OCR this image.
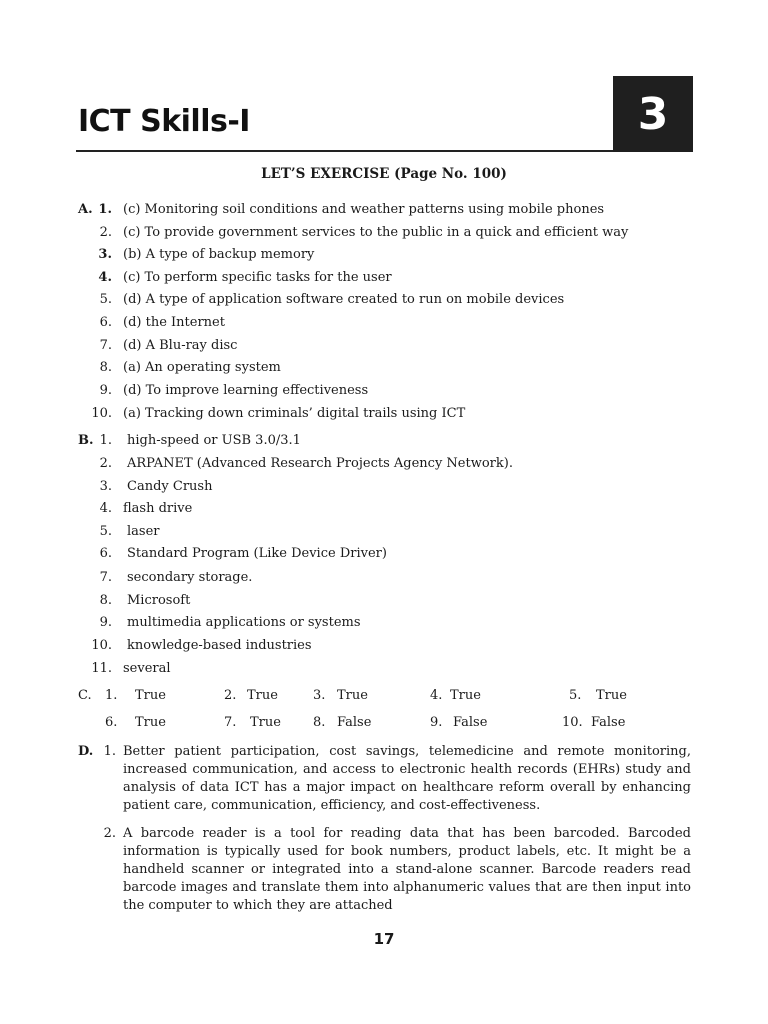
ICT Skills-I	3
LET’S EXERCISE (Page No. 100)
A. 1. (c) Monitoring soil conditions and weather patterns using mobile phones
2. (c) To provide government services to the public in a quick and efficient way
3. (b) A type of backup memory
4. (c) To perform specific tasks for the user
5. (d) A type of application software created to run on mobile devices
6. (d) the Internet
7. (d) A Blu-ray disc
8. (a) An operating system
9. (d) To improve learning effectiveness
10. (a) Tracking down criminals’ digital trails using ICT
B. 1. high-speed or USB 3.0/3.1
2. ARPANET (Advanced Research Projects Agency Network).
3. Candy Crush
4. flash drive
5. laser
6. Standard Program (Like Device Driver)
7. secondary storage.
8. Microsoft
9. multimedia applications or systems
10. knowledge-based industries
11. several
C. 1. True	2. True	3. True	4. True	5. True
6. True	7. True 8. False	9. False	10. False
D. 1. Better patient participation, cost savings, telemedicine and remote monitoring, increased communication, and access to electronic health records (EHRs) study and analysis of data ICT has a major impact on healthcare reform overall by enhancing patient care, communication, efficiency, and cost-effectiveness.
2. A barcode reader is a tool for reading data that has been barcoded. Barcoded information is typically used for book numbers, product labels, etc. It might be a handheld scanner or integrated into a stand-alone scanner. Barcode readers read barcode images and translate them into alphanumeric values that are then input into the computer to which they are attached
17
